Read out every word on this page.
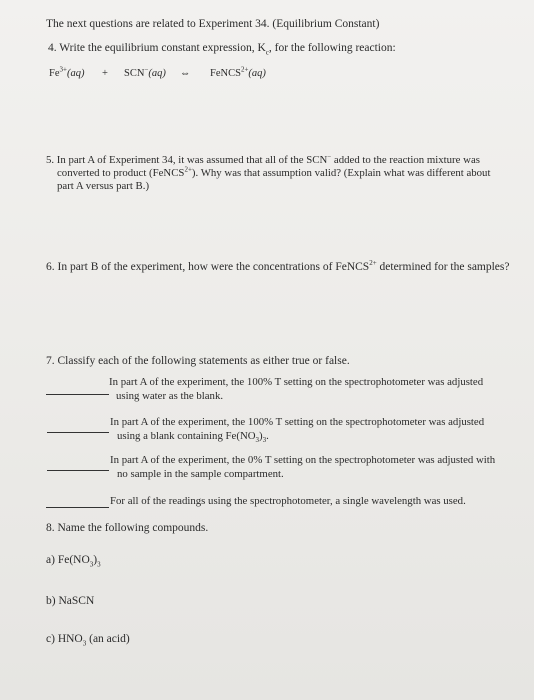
The next questions are related to Experiment 34. (Equilibrium Constant)
4. Write the equilibrium constant expression, $K_c$, for the following reaction:
$Fe^{3+}(aq) + SCN^-(aq)$ ⇔ FeNCS$^{2+}$(aq)
5. In part A of Experiment 34, it was assumed that all of the SCN− added to the reaction mixture was
converted to product (FeNCS$^{2+}$). Why was that assumption valid? (Explain what was different about
part A versus part B.)
6. In part B of the experiment, how were the concentrations of FeNCS$^{2+}$ determined for the samples?
7. Classify each of the following statements as either true or false.
In part A of the experiment, the 100% T setting on the spectrophotometer was adjusted
using water as the blank.
In part A of the experiment, the 100% T setting on the spectrophotometer was adjusted
using a blank containing $Fe(NO_3)_3$.
In part A of the experiment, the 0% T setting on the spectrophotometer was adjusted with
no sample in the sample compartment.
For all of the readings using the spectrophotometer, a single wavelength was used.
8. Name the following compounds.
a) $Fe(NO_3)_3$
b) NaSCN
c) $HNO_3$ (an acid)
